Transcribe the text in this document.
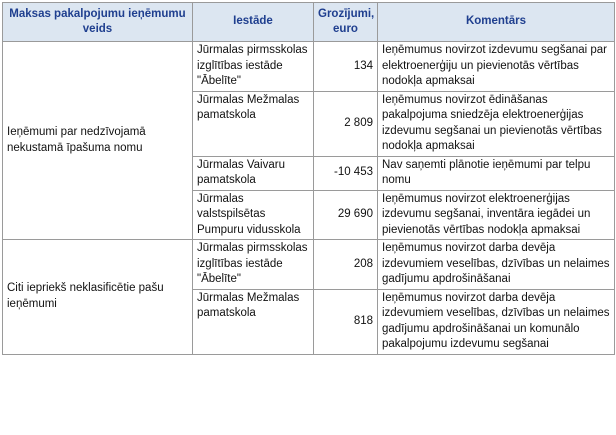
Maksas pakalpojumu ieņēmumu veids	Iestāde	Grozījumi, euro	Komentārs
Ieņēmumi par nedzīvojamā nekustamā īpašuma nomu	Jūrmalas pirmsskolas izglītības iestāde "Ābelīte"	134	Ieņēmumus novirzot izdevumu segšanai par elektroenerģiju un pievienotās vērtības nodokļa apmaksai
	Jūrmalas Mežmalas pamatskola	2 809	Ieņēmumus novirzot ēdināšanas pakalpojuma sniedzēja elektroenerģijas izdevumu segšanai un pievienotās vērtības nodokļa apmaksai
	Jūrmalas Vaivaru pamatskola	-10 453	Nav saņemti plānotie ieņēmumi par telpu nomu
	Jūrmalas valstspilsētas Pumpuru vidusskola	29 690	Ieņēmumus novirzot elektroenerģijas izdevumu segšanai, inventāra iegādei un pievienotās vērtības nodokļa apmaksai
Citi iepriekš neklasificētie pašu ieņēmumi	Jūrmalas pirmsskolas izglītības iestāde "Ābelīte"	208	Ieņēmumus novirzot darba devēja izdevumiem veselības, dzīvības un nelaimes gadījumu apdrošināšanai
	Jūrmalas Mežmalas pamatskola	818	Ieņēmumus novirzot darba devēja izdevumiem veselības, dzīvības un nelaimes gadījumu apdrošināšanai un komunālo pakalpojumu izdevumu segšanai
